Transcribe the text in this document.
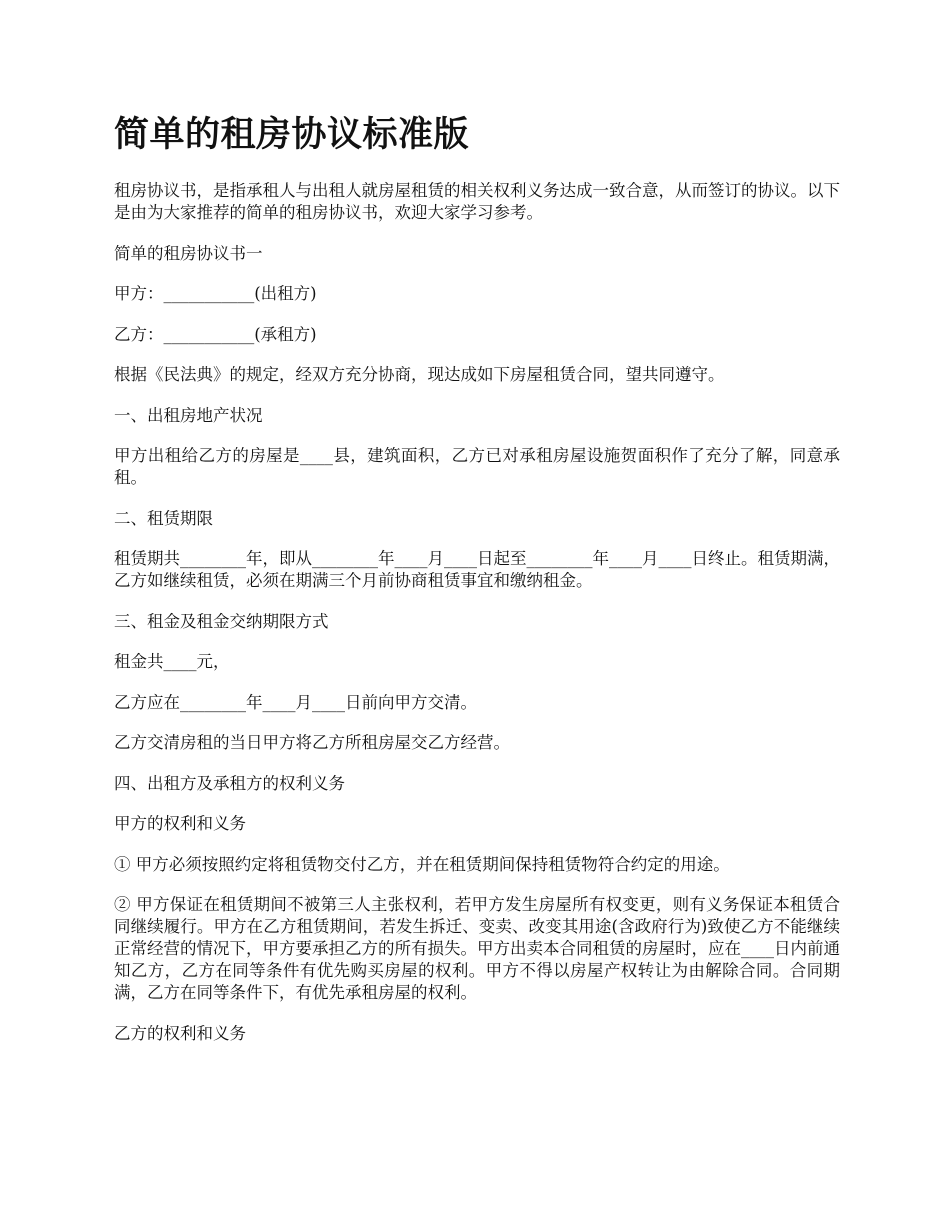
简单的租房协议标准版

租房协议书，是指承租人与出租人就房屋租赁的相关权利义务达成一致合意，从而签订的协议。以下是由为大家推荐的简单的租房协议书，欢迎大家学习参考。

简单的租房协议书一

甲方：___________(出租方)

乙方：___________(承租方)

根据《民法典》的规定，经双方充分协商，现达成如下房屋租赁合同，望共同遵守。

一、出租房地产状况

甲方出租给乙方的房屋是____县，建筑面积，乙方已对承租房屋设施贺面积作了充分了解，同意承租。

二、租赁期限

租赁期共________年，即从________年____月____日起至________年____月____日终止。租赁期满，乙方如继续租赁，必须在期满三个月前协商租赁事宜和缴纳租金。

三、租金及租金交纳期限方式

租金共____元，

乙方应在________年____月____日前向甲方交清。

乙方交清房租的当日甲方将乙方所租房屋交乙方经营。

四、出租方及承租方的权利义务

甲方的权利和义务

① 甲方必须按照约定将租赁物交付乙方，并在租赁期间保持租赁物符合约定的用途。

② 甲方保证在租赁期间不被第三人主张权利，若甲方发生房屋所有权变更，则有义务保证本租赁合同继续履行。甲方在乙方租赁期间，若发生拆迁、变卖、改变其用途(含政府行为)致使乙方不能继续正常经营的情况下，甲方要承担乙方的所有损失。甲方出卖本合同租赁的房屋时，应在____日内前通知乙方，乙方在同等条件有优先购买房屋的权利。甲方不得以房屋产权转让为由解除合同。合同期满，乙方在同等条件下，有优先承租房屋的权利。

乙方的权利和义务
